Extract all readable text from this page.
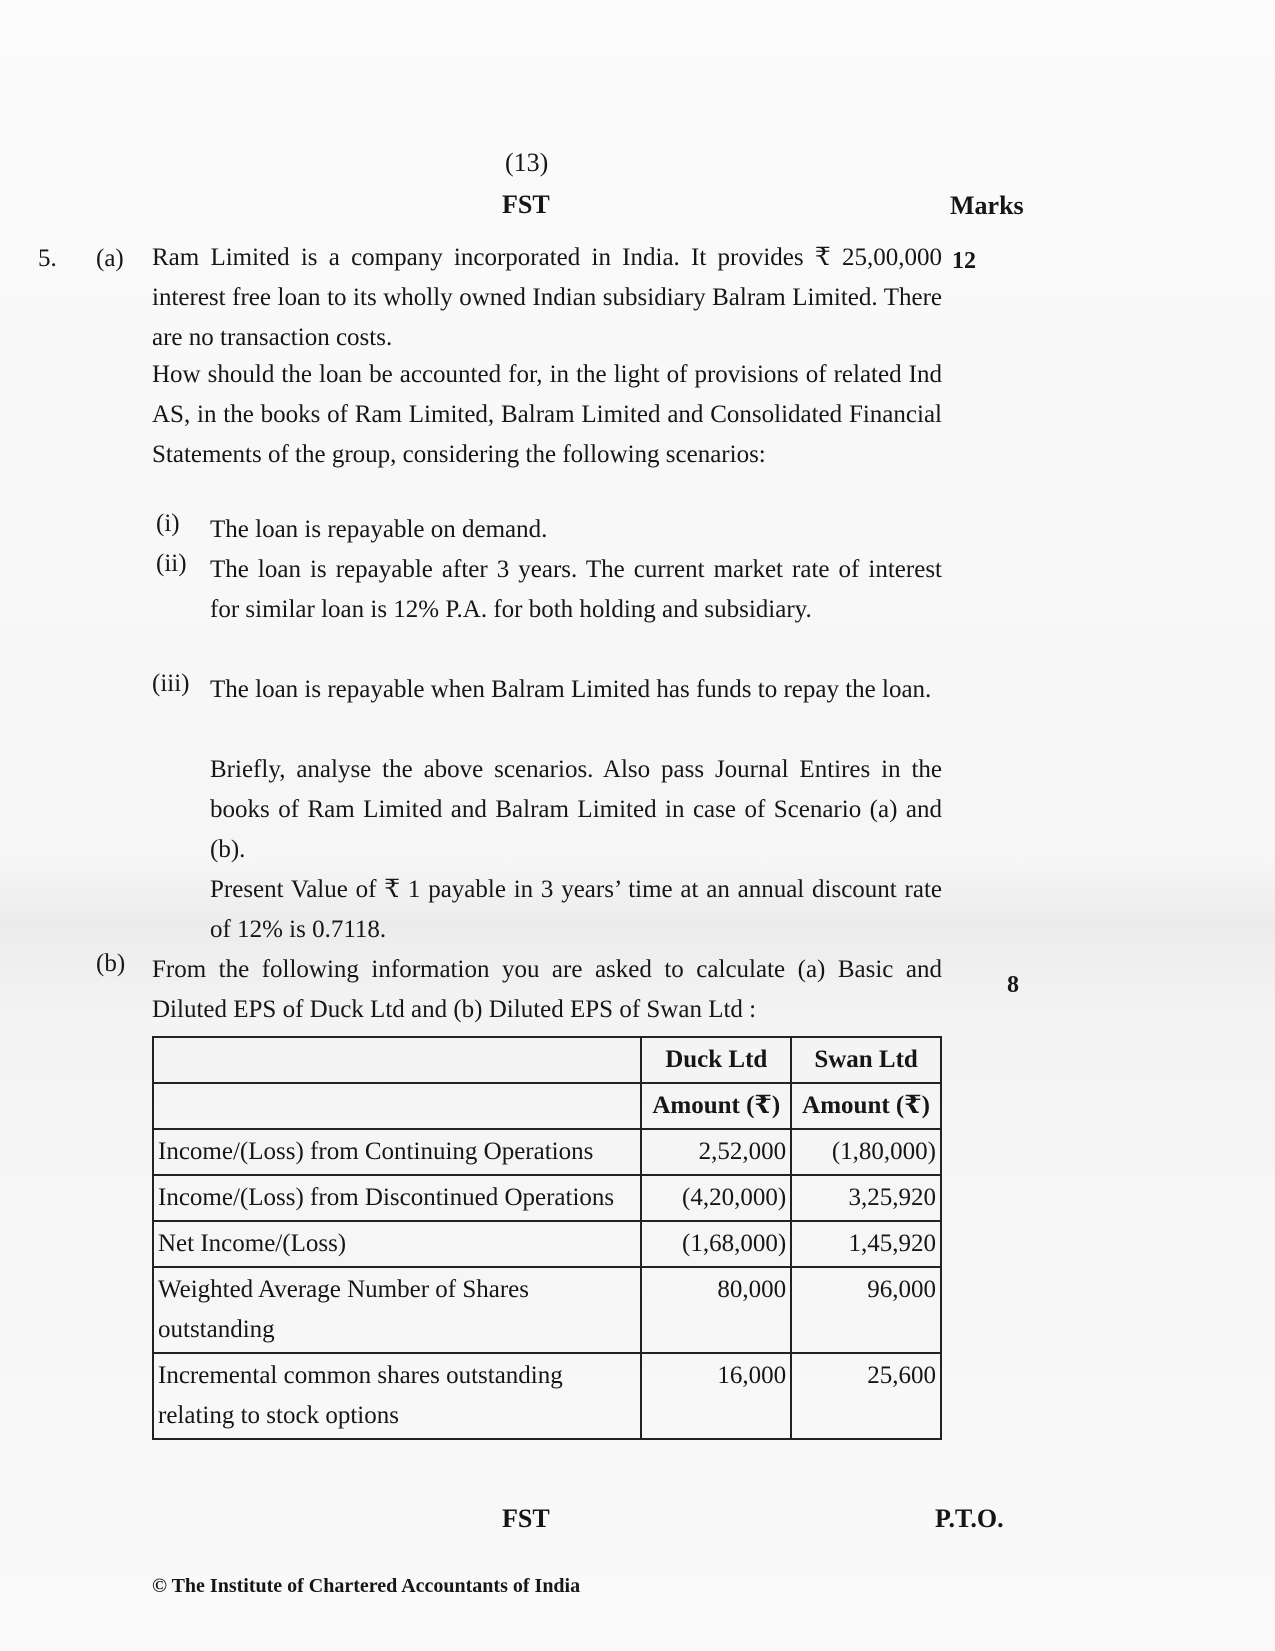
(13)
FST	Marks
5. (a)	12
Ram Limited is a company incorporated in India. It provides ₹ 25,00,000 interest free loan to its wholly owned Indian subsidiary Balram Limited. There are no transaction costs.
How should the loan be accounted for, in the light of provisions of related Ind AS, in the books of Ram Limited, Balram Limited and Consolidated Financial Statements of the group, considering the following scenarios:
(i) The loan is repayable on demand.
(ii) The loan is repayable after 3 years. The current market rate of interest for similar loan is 12% P.A. for both holding and subsidiary.
(iii) The loan is repayable when Balram Limited has funds to repay the loan.
Briefly, analyse the above scenarios. Also pass Journal Entires in the books of Ram Limited and Balram Limited in case of Scenario (a) and (b).
Present Value of ₹ 1 payable in 3 years’ time at an annual discount rate of 12% is 0.7118.
(b)
8
From the following information you are asked to calculate (a) Basic and Diluted EPS of Duck Ltd and (b) Diluted EPS of Swan Ltd :
	Duck Ltd	Swan Ltd
	Amount (₹)	Amount (₹)
Income/(Loss) from Continuing Operations	2,52,000	(1,80,000)
Income/(Loss) from Discontinued Operations	(4,20,000)	3,25,920
Net Income/(Loss)	(1,68,000)	1,45,920
Weighted Average Number of Shares outstanding	80,000	96,000
Incremental common shares outstanding relating to stock options	16,000	25,600
FST	P.T.O.
© The Institute of Chartered Accountants of India
